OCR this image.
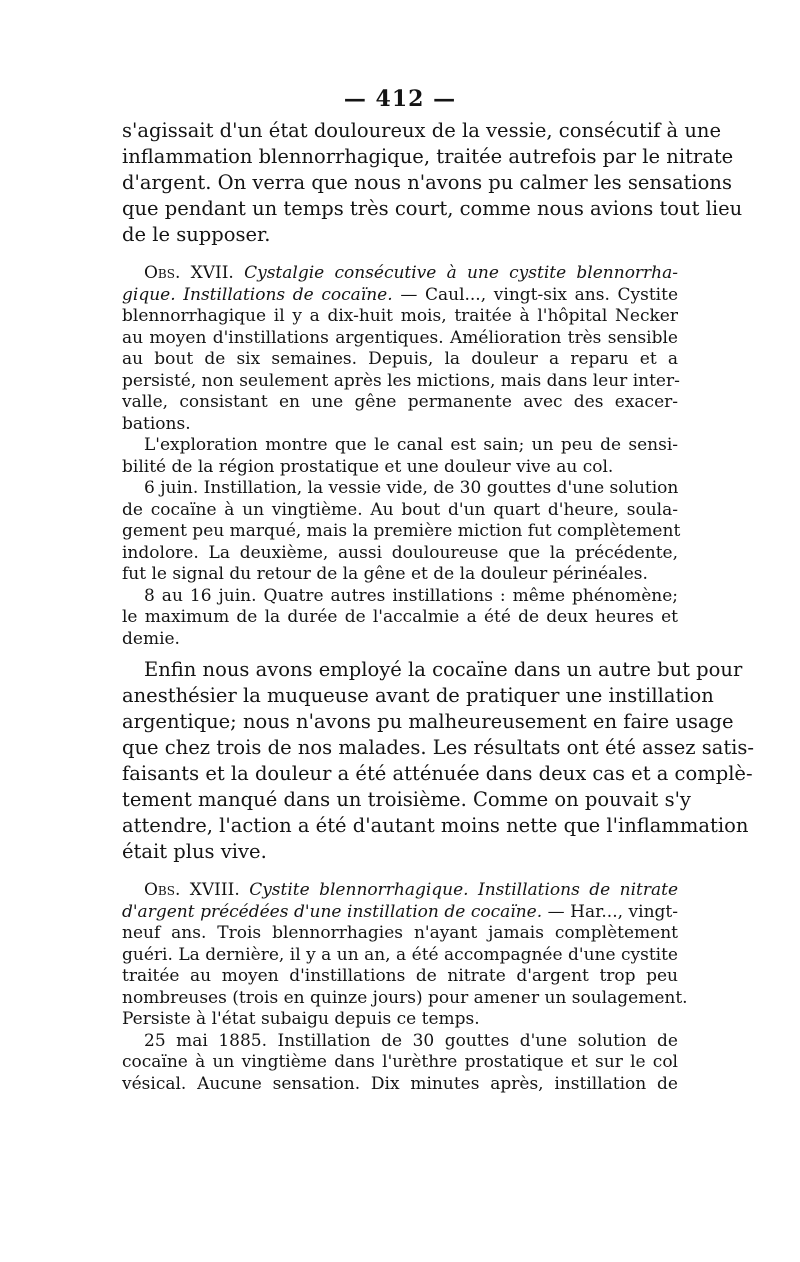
— 412 —

s'agissait d'un état douloureux de la vessie, consécutif à une
inflammation blennorrhagique, traitée autrefois par le nitrate
d'argent. On verra que nous n'avons pu calmer les sensations
que pendant un temps très court, comme nous avions tout lieu
de le supposer.

Obs. XVII. Cystalgie consécutive à une cystite blennorrha-
gique. Instillations de cocaïne. — Caul..., vingt-six ans. Cystite
blennorrhagique il y a dix-huit mois, traitée à l'hôpital Necker
au moyen d'instillations argentiques. Amélioration très sensible
au bout de six semaines. Depuis, la douleur a reparu et a
persisté, non seulement après les mictions, mais dans leur inter-
valle, consistant en une gêne permanente avec des exacer-
bations.

L'exploration montre que le canal est sain; un peu de sensi-
bilité de la région prostatique et une douleur vive au col.

6 juin. Instillation, la vessie vide, de 30 gouttes d'une solution
de cocaïne à un vingtième. Au bout d'un quart d'heure, soula-
gement peu marqué, mais la première miction fut complètement
indolore. La deuxième, aussi douloureuse que la précédente,
fut le signal du retour de la gêne et de la douleur périnéales.

8 au 16 juin. Quatre autres instillations : même phénomène;
le maximum de la durée de l'accalmie a été de deux heures et
demie.

Enfin nous avons employé la cocaïne dans un autre but pour
anesthésier la muqueuse avant de pratiquer une instillation
argentique; nous n'avons pu malheureusement en faire usage
que chez trois de nos malades. Les résultats ont été assez satis-
faisants et la douleur a été atténuée dans deux cas et a complè-
tement manqué dans un troisième. Comme on pouvait s'y
attendre, l'action a été d'autant moins nette que l'inflammation
était plus vive.

Obs. XVIII. Cystite blennorrhagique. Instillations de nitrate
d'argent précédées d'une instillation de cocaïne. — Har..., vingt-
neuf ans. Trois blennorrhagies n'ayant jamais complètement
guéri. La dernière, il y a un an, a été accompagnée d'une cystite
traitée au moyen d'instillations de nitrate d'argent trop peu
nombreuses (trois en quinze jours) pour amener un soulagement.
Persiste à l'état subaigu depuis ce temps.

25 mai 1885. Instillation de 30 gouttes d'une solution de
cocaïne à un vingtième dans l'urèthre prostatique et sur le col
vésical. Aucune sensation. Dix minutes après, instillation de
